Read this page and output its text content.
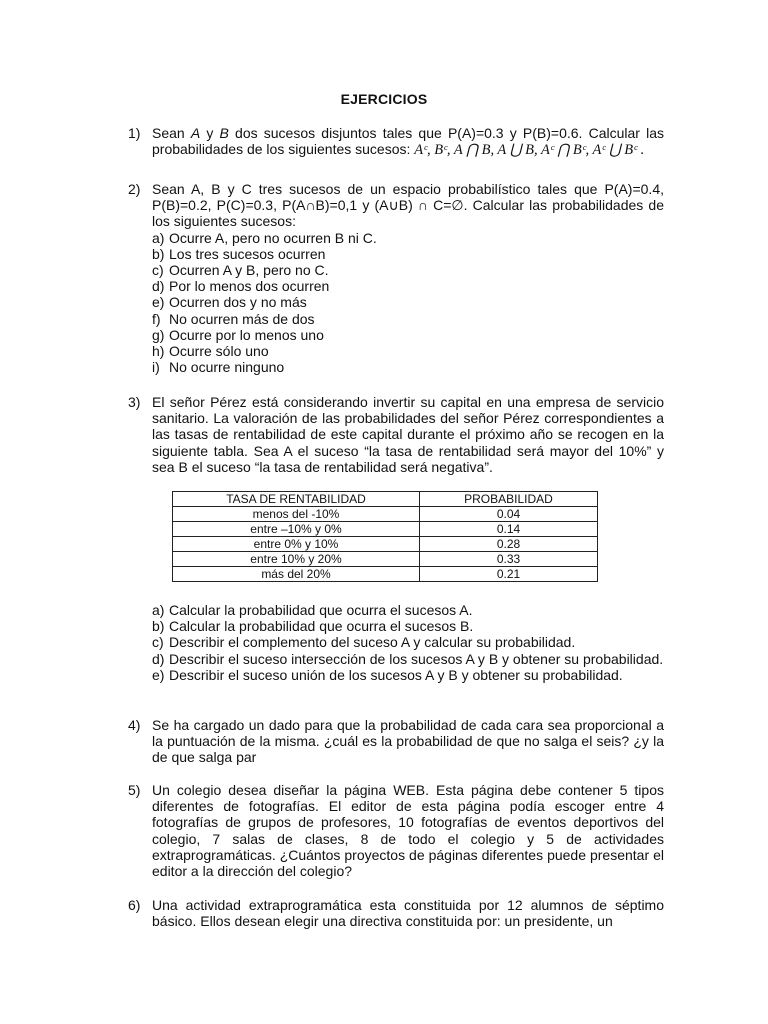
EJERCICIOS
1) Sean A y B dos sucesos disjuntos tales que P(A)=0.3 y P(B)=0.6. Calcular las probabilidades de los siguientes sucesos: Aᶜ, Bᶜ, A ⋂ B, A ⋃ B, Aᶜ ⋂ Bᶜ, Aᶜ ⋃ Bᶜ .
2) Sean A, B y C tres sucesos de un espacio probabilístico tales que P(A)=0.4, P(B)=0.2, P(C)=0.3, P(A∩B)=0,1 y (A∪B) ∩ C=∅. Calcular las probabilidades de los siguientes sucesos:

a) Ocurre A, pero no ocurren B ni C.
b) Los tres sucesos ocurren
c) Ocurren A y B, pero no C.
d) Por lo menos dos ocurren
e) Ocurren dos y no más
f) No ocurren más de dos
g) Ocurre por lo menos uno
h) Ocurre sólo uno
i) No ocurre ninguno
3) El señor Pérez está considerando invertir su capital en una empresa de servicio sanitario. La valoración de las probabilidades del señor Pérez correspondientes a las tasas de rentabilidad de este capital durante el próximo año se recogen en la siguiente tabla. Sea A el suceso “la tasa de rentabilidad será mayor del 10%” y sea B el suceso “la tasa de rentabilidad será negativa”.

TASA DE RENTABILIDAD	PROBABILIDAD
menos del -10%	0.04
entre –10% y 0%	0.14
entre 0% y 10%	0.28
entre 10% y 20%	0.33
más del 20%	0.21
a) Calcular la probabilidad que ocurra el sucesos A.
b) Calcular la probabilidad que ocurra el sucesos B.
c) Describir el complemento del suceso A y calcular su probabilidad.
d) Describir el suceso intersección de los sucesos A y B y obtener su probabilidad.
e) Describir el suceso unión de los sucesos A y B y obtener su probabilidad.
4) Se ha cargado un dado para que la probabilidad de cada cara sea proporcional a la puntuación de la misma. ¿cuál es la probabilidad de que no salga el seis? ¿y la de que salga par

5) Un colegio desea diseñar la página WEB. Esta página debe contener 5 tipos diferentes de fotografías. El editor de esta página podía escoger entre 4 fotografías de grupos de profesores, 10 fotografías de eventos deportivos del colegio, 7 salas de clases, 8 de todo el colegio y 5 de actividades extraprogramáticas. ¿Cuántos proyectos de páginas diferentes puede presentar el editor a la dirección del colegio?

6) Una actividad extraprogramática esta constituida por 12 alumnos de séptimo básico. Ellos desean elegir una directiva constituida por: un presidente, un
